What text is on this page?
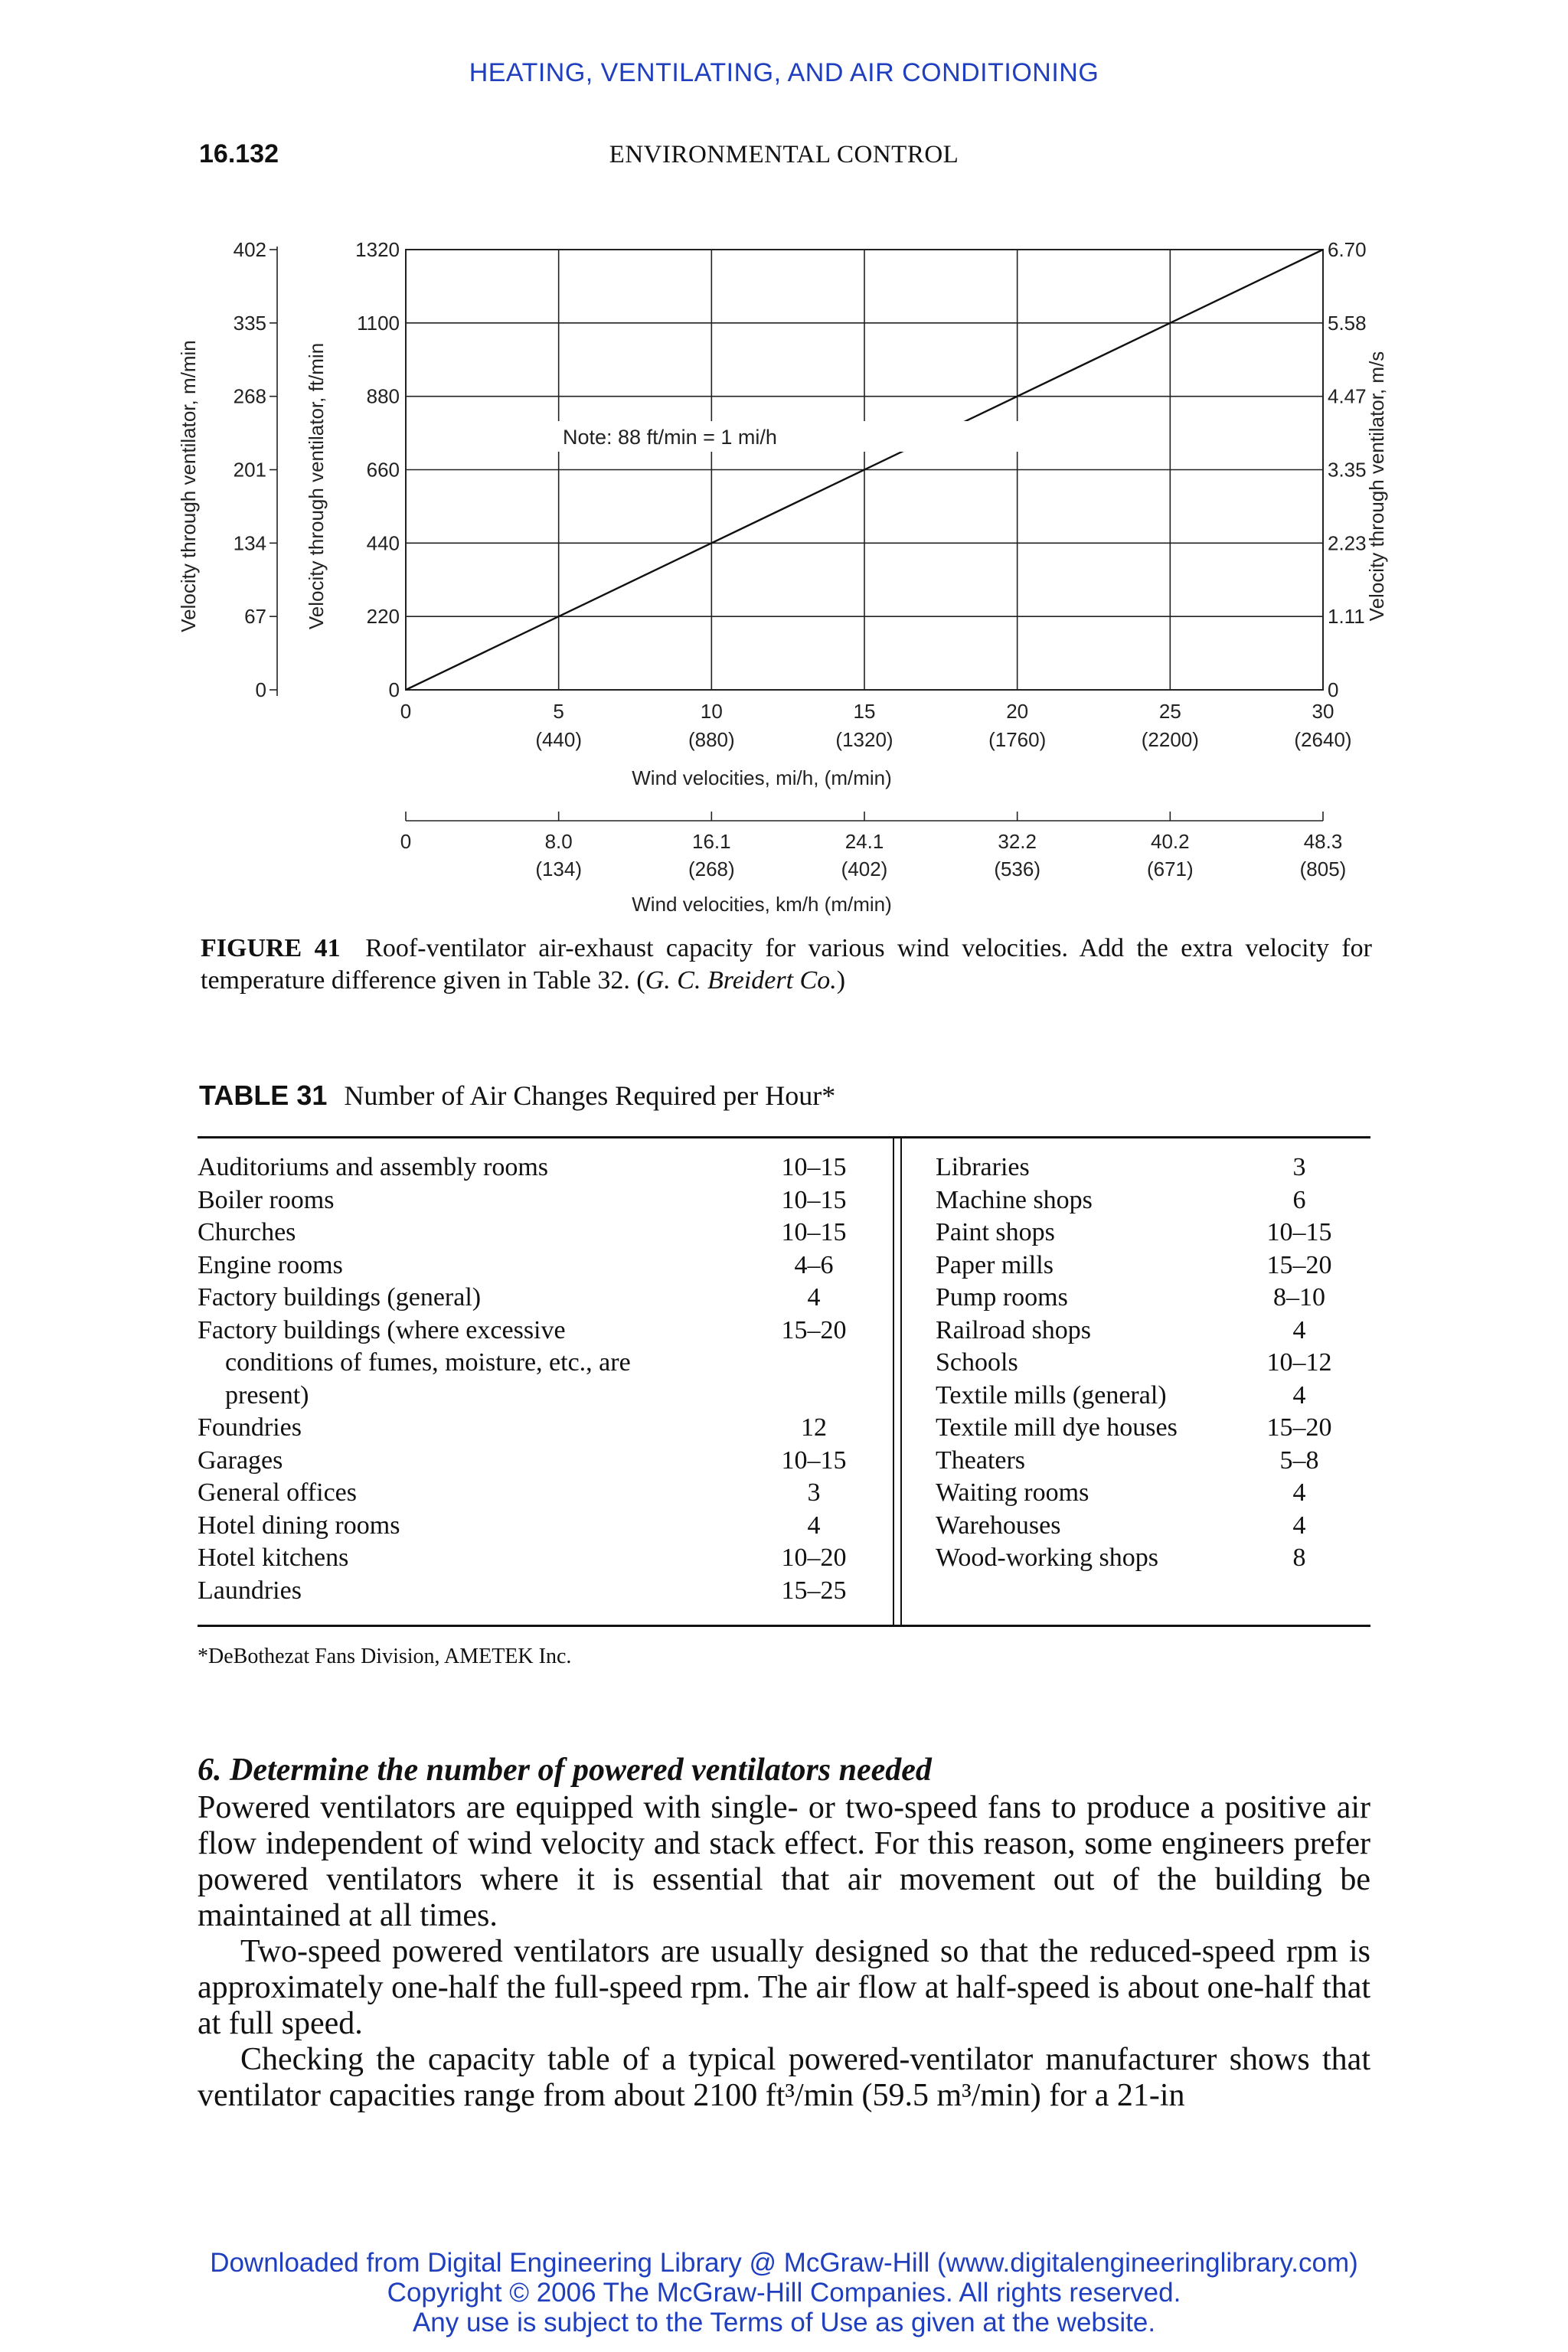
HEATING, VENTILATING, AND AIR CONDITIONING
16.132	ENVIRONMENTAL CONTROL
402	1320	6.70
335	1100	5.58
268	880	4.47
201	660	3.35
134	440	2.23
67	220	1.11
0	0	0
0
0
5
(440)
8.0
(134)
10
(880)
16.1
(268)
15
(1320)
24.1
(402)
20
(1760)
32.2
(536)
25
(2200)
40.2
(671)
30
(2640)
48.3
(805)
Note: 88 ft/min = 1 mi/h
Velocity through ventilator, m/min	Velocity through ventilator, ft/min	Velocity through ventilator, m/s
Wind velocities, mi/h, (m/min)
Wind velocities, km/h (m/min)
FIGURE 41 Roof-ventilator air-exhaust capacity for various wind velocities. Add the extra velocity for temperature difference given in Table 32. (G. C. Breidert Co.)
TABLE 31 Number of Air Changes Required per Hour*
Auditoriums and assembly rooms	10–15
Boiler rooms	10–15
Churches	10–15
Engine rooms	4–6
Factory buildings (general)	4
Factory buildings (where excessive	15–20
conditions of fumes, moisture, etc., are
present)
Foundries	12
Garages	10–15
General offices	3
Hotel dining rooms	4
Hotel kitchens	10–20
Laundries	15–25
Libraries	3
Machine shops	6
Paint shops	10–15
Paper mills	15–20
Pump rooms	8–10
Railroad shops	4
Schools	10–12
Textile mills (general)	4
Textile mill dye houses	15–20
Theaters	5–8
Waiting rooms	4
Warehouses	4
Wood-working shops	8
*DeBothezat Fans Division, AMETEK Inc.
6. Determine the number of powered ventilators needed
Powered ventilators are equipped with single- or two-speed fans to produce a positive air flow independent of wind velocity and stack effect. For this reason, some engineers prefer powered ventilators where it is essential that air movement out of the building be maintained at all times.
Two-speed powered ventilators are usually designed so that the reduced-speed rpm is approximately one-half the full-speed rpm. The air flow at half-speed is about one-half that at full speed.
Checking the capacity table of a typical powered-ventilator manufacturer shows that ventilator capacities range from about 2100 ft³/min (59.5 m³/min) for a 21-in
Downloaded from Digital Engineering Library @ McGraw-Hill (www.digitalengineeringlibrary.com)
Copyright © 2006 The McGraw-Hill Companies. All rights reserved.
Any use is subject to the Terms of Use as given at the website.
